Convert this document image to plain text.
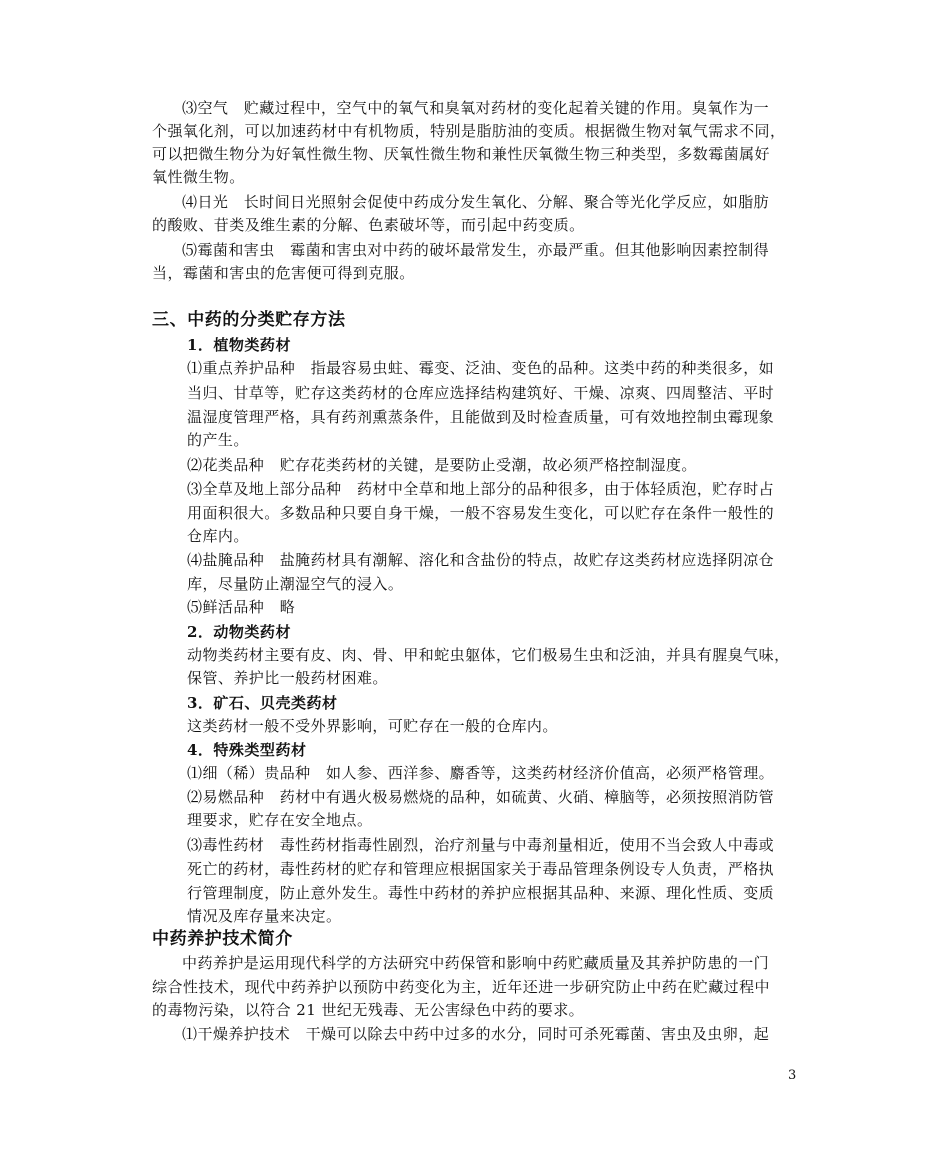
⑶空气　贮藏过程中，空气中的氧气和臭氧对药材的变化起着关键的作用。臭氧作为一

个强氧化剂，可以加速药材中有机物质，特别是脂肪油的变质。根据微生物对氧气需求不同，

可以把微生物分为好氧性微生物、厌氧性微生物和兼性厌氧微生物三种类型，多数霉菌属好

氧性微生物。

⑷日光　长时间日光照射会促使中药成分发生氧化、分解、聚合等光化学反应，如脂肪

的酸败、苷类及维生素的分解、色素破坏等，而引起中药变质。

⑸霉菌和害虫　霉菌和害虫对中药的破坏最常发生，亦最严重。但其他影响因素控制得

当，霉菌和害虫的危害便可得到克服。

三、中药的分类贮存方法
1．植物类药材

⑴重点养护品种　指最容易虫蛀、霉变、泛油、变色的品种。这类中药的种类很多，如

当归、甘草等，贮存这类药材的仓库应选择结构建筑好、干燥、凉爽、四周整洁、平时

温湿度管理严格，具有药剂熏蒸条件，且能做到及时检查质量，可有效地控制虫霉现象

的产生。

⑵花类品种　贮存花类药材的关键，是要防止受潮，故必须严格控制湿度。

⑶全草及地上部分品种　药材中全草和地上部分的品种很多，由于体轻质泡，贮存时占

用面积很大。多数品种只要自身干燥，一般不容易发生变化，可以贮存在条件一般性的

仓库内。

⑷盐腌品种　盐腌药材具有潮解、溶化和含盐份的特点，故贮存这类药材应选择阴凉仓

库，尽量防止潮湿空气的浸入。

⑸鲜活品种　略

2．动物类药材

动物类药材主要有皮、肉、骨、甲和蛇虫躯体，它们极易生虫和泛油，并具有腥臭气味，

保管、养护比一般药材困难。

3．矿石、贝壳类药材

这类药材一般不受外界影响，可贮存在一般的仓库内。

4．特殊类型药材

⑴细（稀）贵品种　如人参、西洋参、麝香等，这类药材经济价值高，必须严格管理。

⑵易燃品种　药材中有遇火极易燃烧的品种，如硫黄、火硝、樟脑等，必须按照消防管

理要求，贮存在安全地点。

⑶毒性药材　毒性药材指毒性剧烈，治疗剂量与中毒剂量相近，使用不当会致人中毒或

死亡的药材，毒性药材的贮存和管理应根据国家关于毒品管理条例设专人负责，严格执

行管理制度，防止意外发生。毒性中药材的养护应根据其品种、来源、理化性质、变质

情况及库存量来决定。

中药养护技术简介

中药养护是运用现代科学的方法研究中药保管和影响中药贮藏质量及其养护防患的一门

综合性技术，现代中药养护以预防中药变化为主，近年还进一步研究防止中药在贮藏过程中

的毒物污染，以符合 21 世纪无残毒、无公害绿色中药的要求。

⑴干燥养护技术　干燥可以除去中药中过多的水分，同时可杀死霉菌、害虫及虫卵，起

3
